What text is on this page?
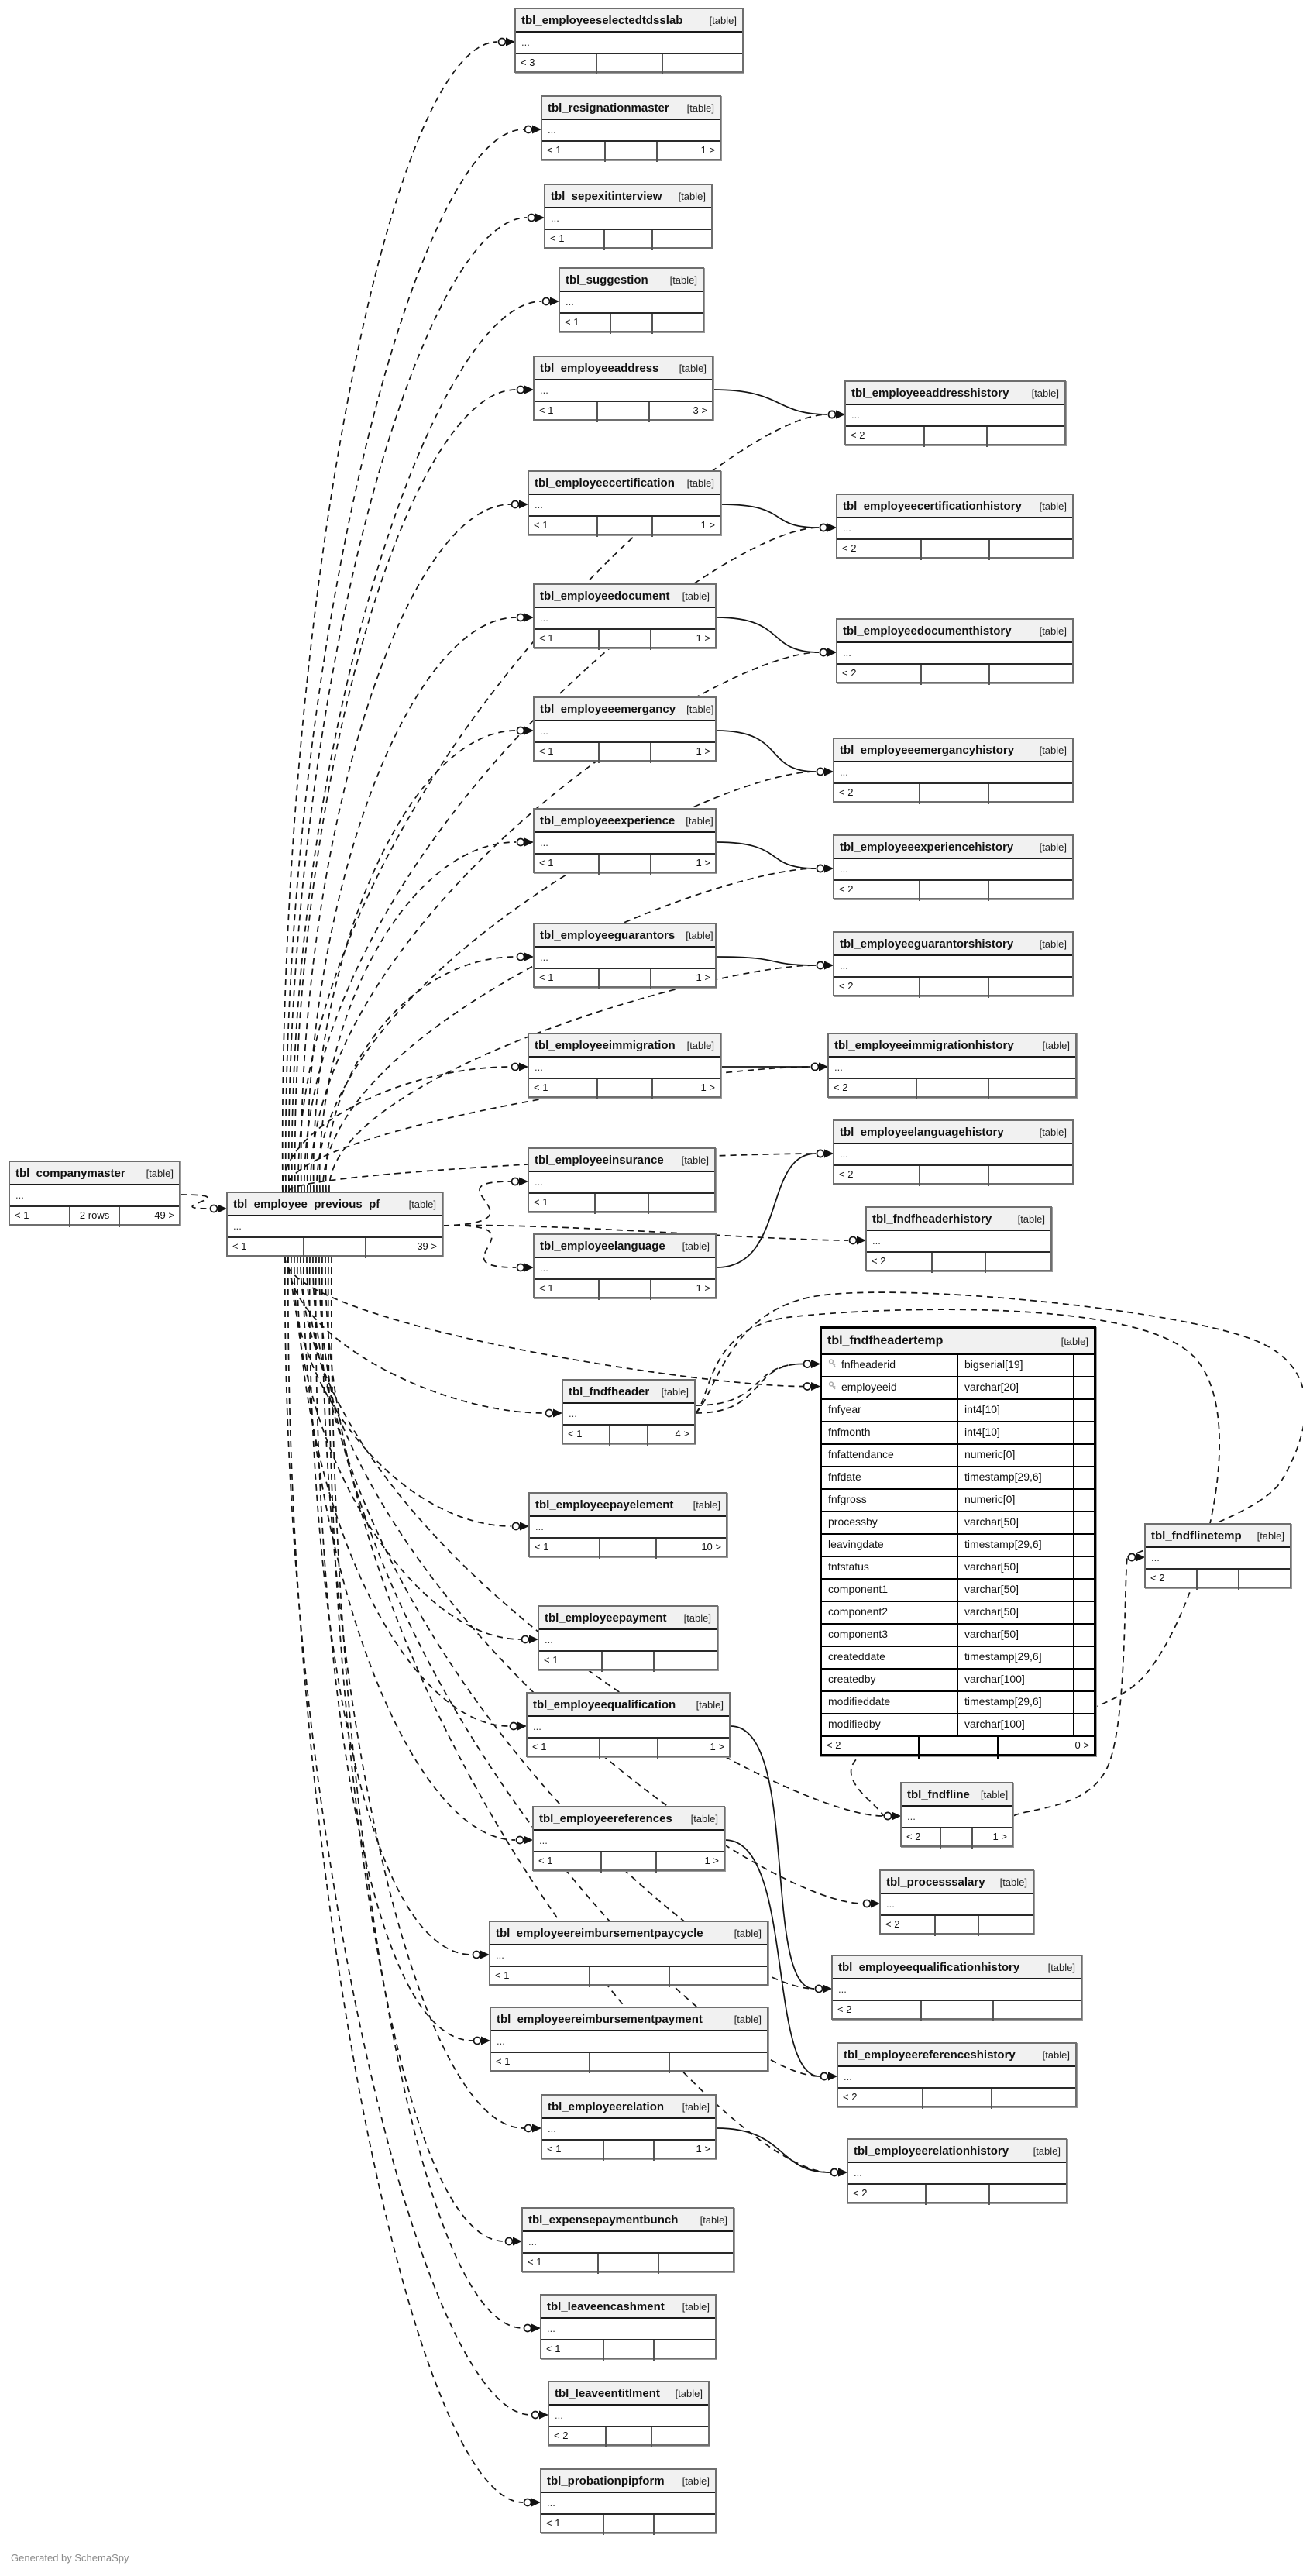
tbl_employeeselectedtdsslab	[table]
...
< 3
tbl_resignationmaster [table]
...
< 1	1 >
tbl_sepexitinterview [table]
...
< 1
tbl_suggestion [table]
...
< 1
tbl_employeeaddress [table]
...
< 1	3 >
tbl_employeeaddresshistory [table]
...
< 2
tbl_employeecertification [table]
...
< 1	1 >
tbl_employeecertificationhistory [table]
...
< 2
tbl_employeedocument [table]
...
< 1	1 >
tbl_employeedocumenthistory	[table]
...
< 2
tbl_employeeemergancy [table]
...
< 1	1 >	tbl_employeeemergancyhistory [table]
...
< 2
tbl_employeeexperience [table]
...
< 1	1 >
tbl_employeeexperiencehistory	[table]
...
< 2
tbl_employeeguarantors [table]
...
< 1	1 >
tbl_employeeguarantorshistory	[table]
...
< 2
tbl_employeeimmigration [table]
...
< 1	1 >
tbl_employeeimmigrationhistory	[table]
...
< 2
tbl_employeeinsurance [table]
...
< 1
tbl_employeelanguagehistory	[table]
...
< 2
tbl_companymaster [table]
...
< 1	2 rows	49 >
tbl_employee_previous_pf	[table]
...
< 1	39 >
tbl_fndfheaderhistory	[table]
...
< 2
tbl_employeelanguage [table]
...
< 1	1 >
tbl_fndfheadertemp	[table]
fnfheaderid	bigserial[19]
employeeid	varchar[20]
fnfyear	int4[10]
fnfmonth	int4[10]
fnfattendance	numeric[0]
fnfdate	timestamp[29,6]
fnfgross	numeric[0]
processby	varchar[50]
leavingdate	timestamp[29,6]
fnfstatus	varchar[50]
component1	varchar[50]
component2	varchar[50]
component3	varchar[50]
createddate	timestamp[29,6]
createdby	varchar[100]
modifieddate	timestamp[29,6]
modifiedby	varchar[100]
< 2	0 >
tbl_fndfheader [table]
...
< 1	4 >
tbl_employeepayelement [table]
...
< 1	10 >
tbl_fndflinetemp [table]
...
< 2
tbl_employeepayment [table]
...
< 1
tbl_employeequalification [table]
...
< 1	1 >
tbl_fndfline [table]
...
< 2	1 >
tbl_employeereferences [table]
...
< 1	1 >
tbl_processsalary [table]
...
< 2
tbl_employeereimbursementpaycycle	[table]
...
< 1
tbl_employeequalificationhistory	[table]
...
< 2
tbl_employeereimbursementpayment	[table]
...
< 1	tbl_employeereferenceshistory	[table]
...
< 2
tbl_employeerelation [table]
...
< 1	1 >	tbl_employeerelationhistory [table]
...
< 2
tbl_expensepaymentbunch [table]
...
< 1
tbl_leaveencashment [table]
...
< 1
tbl_leaveentitlment [table]
...
< 2
tbl_probationpipform [table]
...
< 1
Generated by SchemaSpy
